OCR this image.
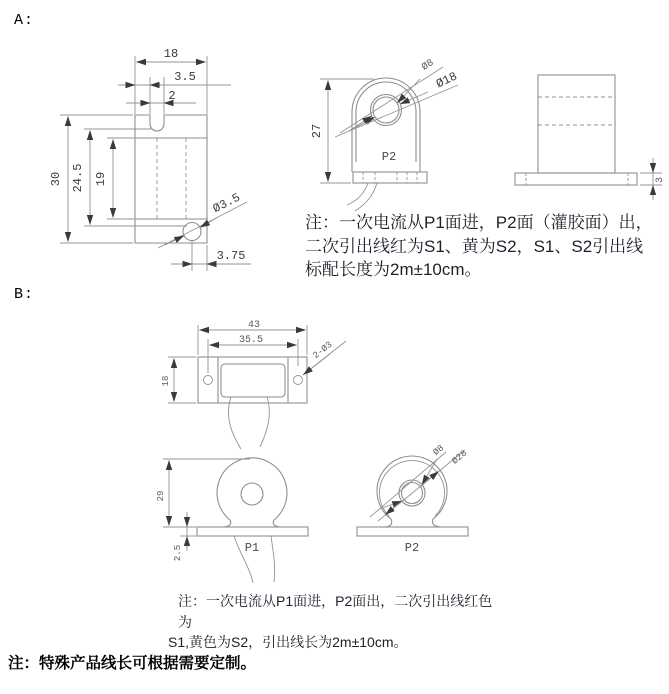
A:
B:
Ø3.5
30 24.5 19
18
3.5
2
3.75
P2
27
Ø8
Ø18
3
43
35.5
18
2-Ø3
P1
29
2.5	P2
Ø8 Ø28
注：一次电流从P1面进，P2面（灌胶面）出，
二次引出线红为S1、黄为S2，S1、S2引出线
标配长度为2m±10cm。
注：一次电流从P1面进，P2面出，二次引出线红色为
S1,黄色为S2，引出线长为2m±10cm。
注：特殊产品线长可根据需要定制。
